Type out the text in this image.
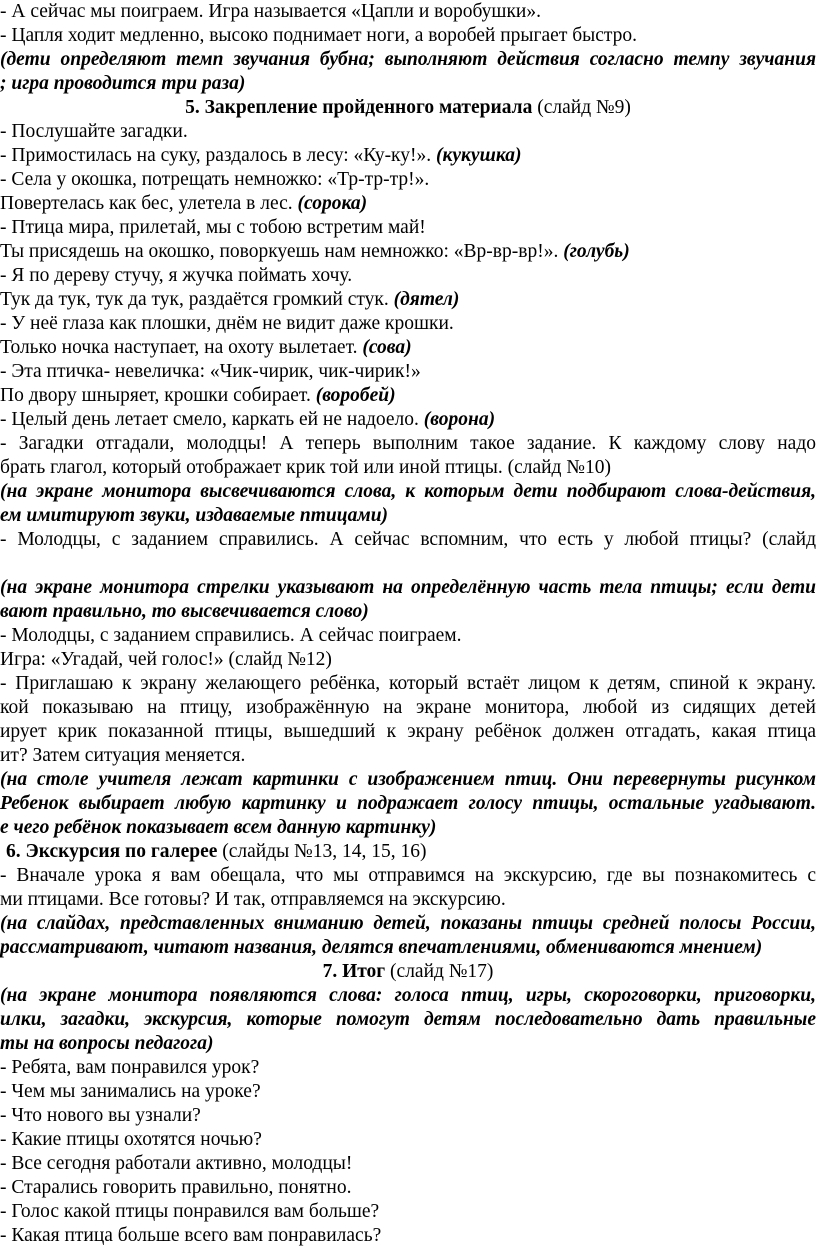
- А сейчас мы поиграем. Игра называется «Цапли и воробушки».
- Цапля ходит медленно, высоко поднимает ноги, а воробей прыгает быстро.
(дети определяют темп звучания бубна; выполняют действия согласно темпу звучания
; игра проводится три раза)
5. Закрепление пройденного материала (слайд №9)
- Послушайте загадки.
- Примостилась на суку, раздалось в лесу: «Ку-ку!». (кукушка)
- Села у окошка, потрещать немножко: «Тр-тр-тр!».
Повертелась как бес, улетела в лес. (сорока)
- Птица мира, прилетай, мы с тобою встретим май!
Ты присядешь на окошко, поворкуешь нам немножко: «Вр-вр-вр!». (голубь)
- Я по дереву стучу, я жучка поймать хочу.
Тук да тук, тук да тук, раздаётся громкий стук. (дятел)
- У неё глаза как плошки, днём не видит даже крошки.
Только ночка наступает, на охоту вылетает. (сова)
- Эта птичка- невеличка: «Чик-чирик, чик-чирик!»
По двору шныряет, крошки собирает. (воробей)
- Целый день летает смело, каркать ей не надоело. (ворона)
- Загадки отгадали, молодцы! А теперь выполним такое задание. К каждому слову надо
брать глагол, который отображает крик той или иной птицы. (слайд №10)
(на экране монитора высвечиваются слова, к которым дети подбирают слова-действия,
ем имитируют звуки, издаваемые птицами)
- Молодцы, с заданием справились. А сейчас вспомним, что есть у любой птицы? (слайд
(на экране монитора стрелки указывают на определённую часть тела птицы; если дети
вают правильно, то высвечивается слово)
- Молодцы, с заданием справились. А сейчас поиграем.
Игра: «Угадай, чей голос!» (слайд №12)
- Приглашаю к экрану желающего ребёнка, который встаёт лицом к детям, спиной к экрану.
кой показываю на птицу, изображённую на экране монитора, любой из сидящих детей
ирует крик показанной птицы, вышедший к экрану ребёнок должен отгадать, какая птица
ит? Затем ситуация меняется.
(на столе учителя лежат картинки с изображением птиц. Они перевернуты рисунком
Ребенок выбирает любую картинку и подражает голосу птицы, остальные угадывают.
е чего ребёнок показывает всем данную картинку)
6. Экскурсия по галерее (слайды №13, 14, 15, 16)
- Вначале урока я вам обещала, что мы отправимся на экскурсию, где вы познакомитесь с
ми птицами. Все готовы? И так, отправляемся на экскурсию.
(на слайдах, представленных вниманию детей, показаны птицы средней полосы России,
рассматривают, читают названия, делятся впечатлениями, обмениваются мнением)
7. Итог (слайд №17)
(на экране монитора появляются слова: голоса птиц, игры, скороговорки, приговорки,
илки, загадки, экскурсия, которые помогут детям последовательно дать правильные
ты на вопросы педагога)
- Ребята, вам понравился урок?
- Чем мы занимались на уроке?
- Что нового вы узнали?
- Какие птицы охотятся ночью?
- Все сегодня работали активно, молодцы!
- Старались говорить правильно, понятно.
- Голос какой птицы понравился вам больше?
- Какая птица больше всего вам понравилась?
